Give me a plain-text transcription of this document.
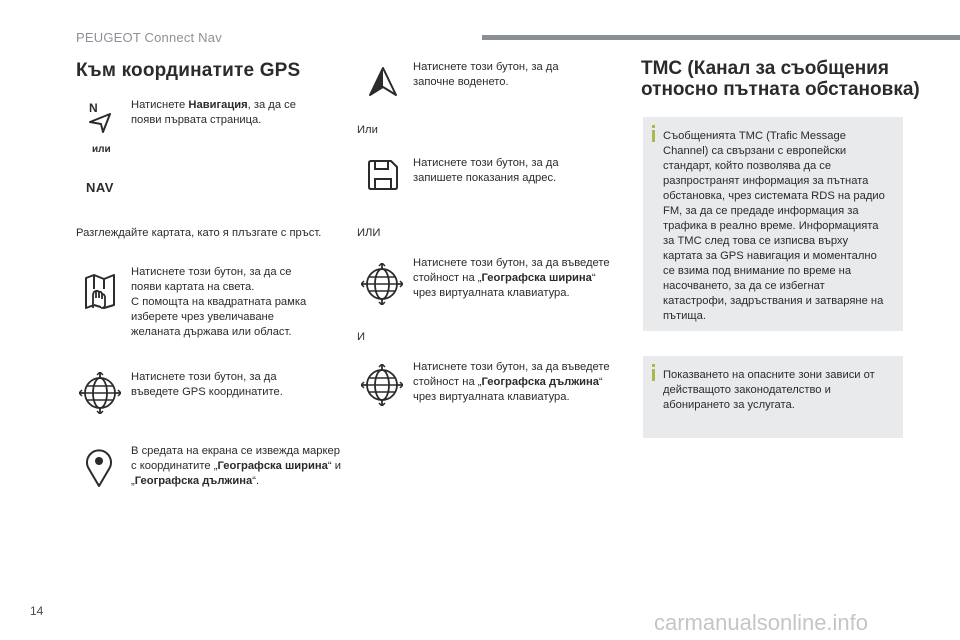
PEUGEOT Connect Nav
Към координатите GPS
N
или
NAV
Натиснете Навигация, за да се появи първата страница.
Разглеждайте картата, като я плъзгате с пръст.
Натиснете този бутон, за да се появи картата на света.
С помощта на квадратната рамка изберете чрез увеличаване желаната държава или област.
Натиснете този бутон, за да въведете GPS координатите.
В средата на екрана се извежда маркер с координатите „Географска ширина“ и „Географска дължина“.
Натиснете този бутон, за да започне воденето.
Или
Натиснете този бутон, за да запишете показания адрес.
ИЛИ
Натиснете този бутон, за да въведете стойност на „Географска ширина“ чрез виртуалната клавиатура.
И
Натиснете този бутон, за да въведете стойност на „Географска дължина“ чрез виртуалната клавиатура.
TMC (Канал за съобщения относно пътната обстановка)
Съобщенията TMC (Trafic Message Channel) са свързани с европейски стандарт, който позволява да се разпространят информация за пътната обстановка, чрез системата RDS на радио FM, за да се предаде информация за трафика в реално време. Информацията за TMC след това се изписва върху картата за GPS навигация и моментално се взима под внимание по време на насочването, за да се избегнат катастрофи, задръствания и затваряне на пътища.
Показването на опасните зони зависи от действащото законодателство и абонирането за услугата.
14	carmanualsonline.info
